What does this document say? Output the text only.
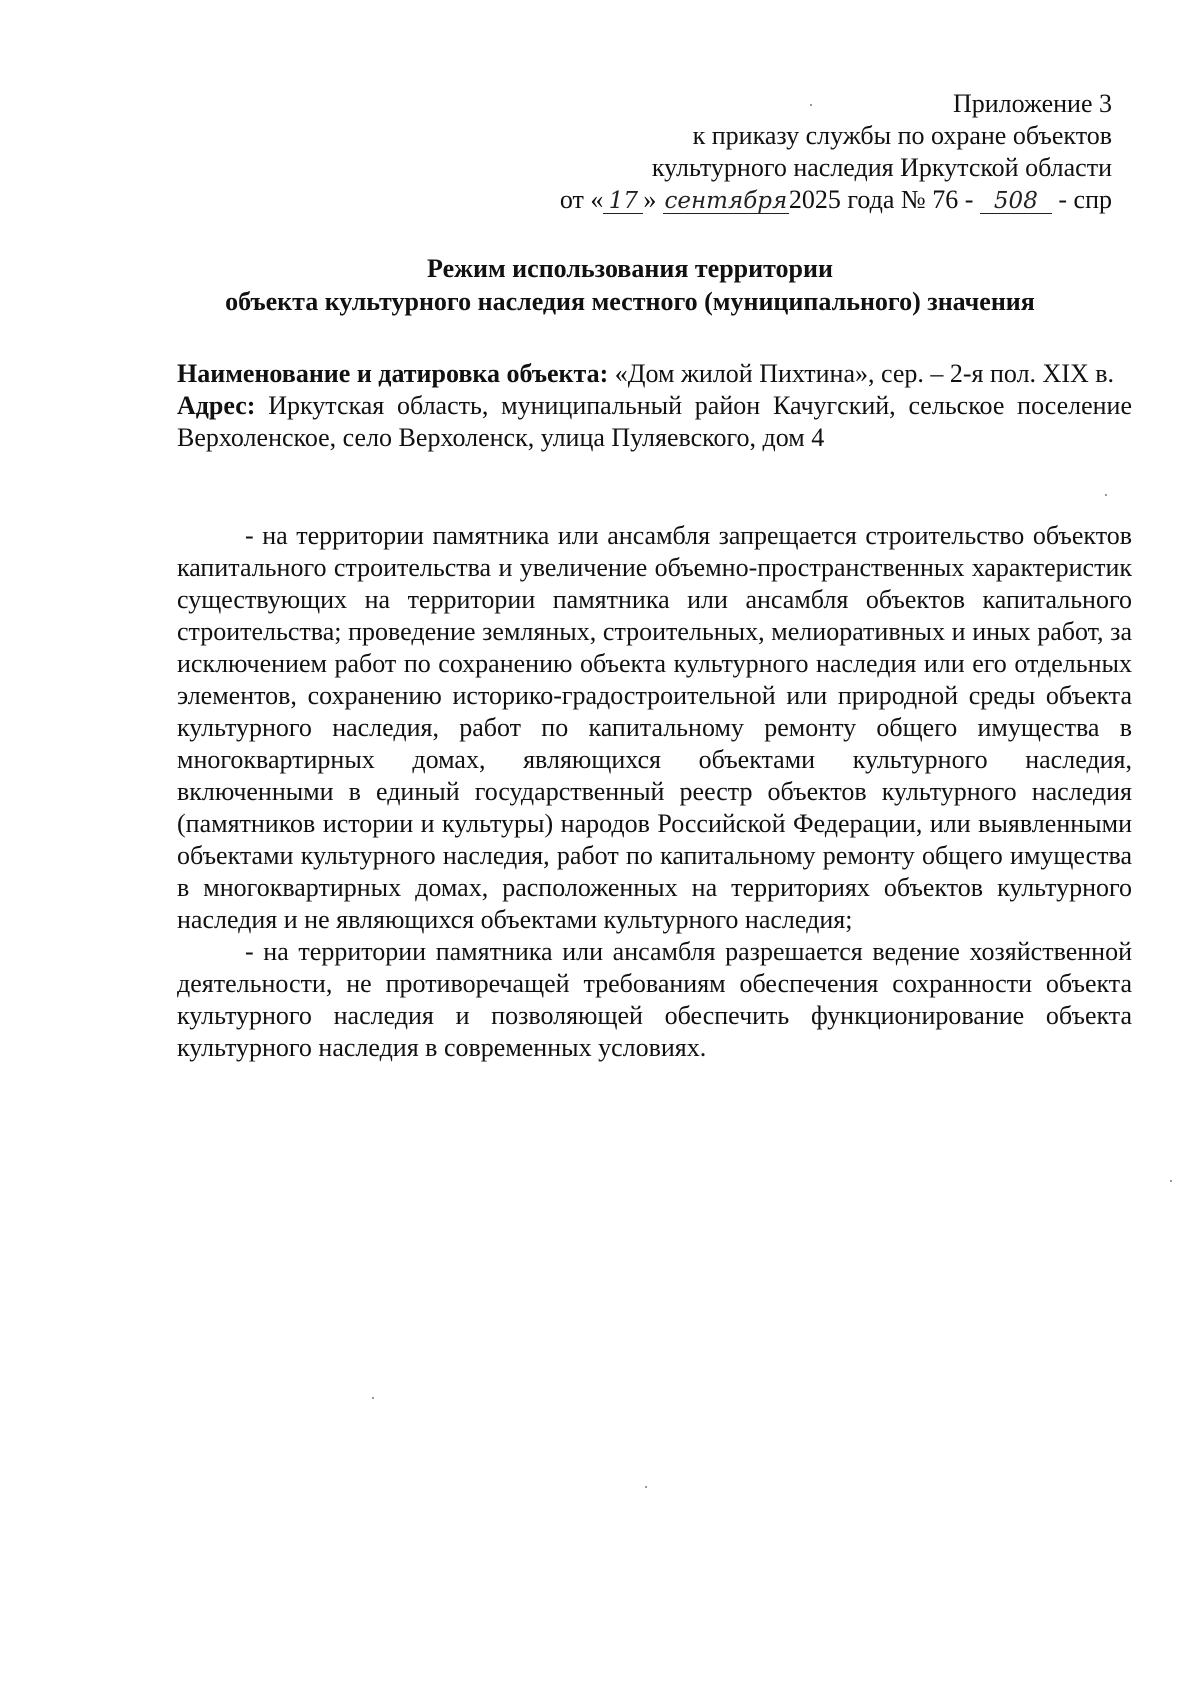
Приложение 3
к приказу службы по охране объектов
культурного наследия Иркутской области
от « 17 » сентября2025 года № 76 - 508 - спр
Режим использования территории
объекта культурного наследия местного (муниципального) значения

Наименование и датировка объекта: «Дом жилой Пихтина», сер. – 2-я пол. XIX в.

Адрес: Иркутская область, муниципальный район Качугский, сельское поселение Верхоленское, село Верхоленск, улица Пуляевского, дом 4

- на территории памятника или ансамбля запрещается строительство объектов капитального строительства и увеличение объемно-пространственных характеристик существующих на территории памятника или ансамбля объектов капитального строительства; проведение земляных, строительных, мелиоративных и иных работ, за исключением работ по сохранению объекта культурного наследия или его отдельных элементов, сохранению историко-градостроительной или природной среды объекта культурного наследия, работ по капитальному ремонту общего имущества в многоквартирных домах, являющихся объектами культурного наследия, включенными в единый государственный реестр объектов культурного наследия (памятников истории и культуры) народов Российской Федерации, или выявленными объектами культурного наследия, работ по капитальному ремонту общего имущества в многоквартирных домах, расположенных на территориях объектов культурного наследия и не являющихся объектами культурного наследия;

- на территории памятника или ансамбля разрешается ведение хозяйственной деятельности, не противоречащей требованиям обеспечения сохранности объекта культурного наследия и позволяющей обеспечить функционирование объекта культурного наследия в современных условиях.
